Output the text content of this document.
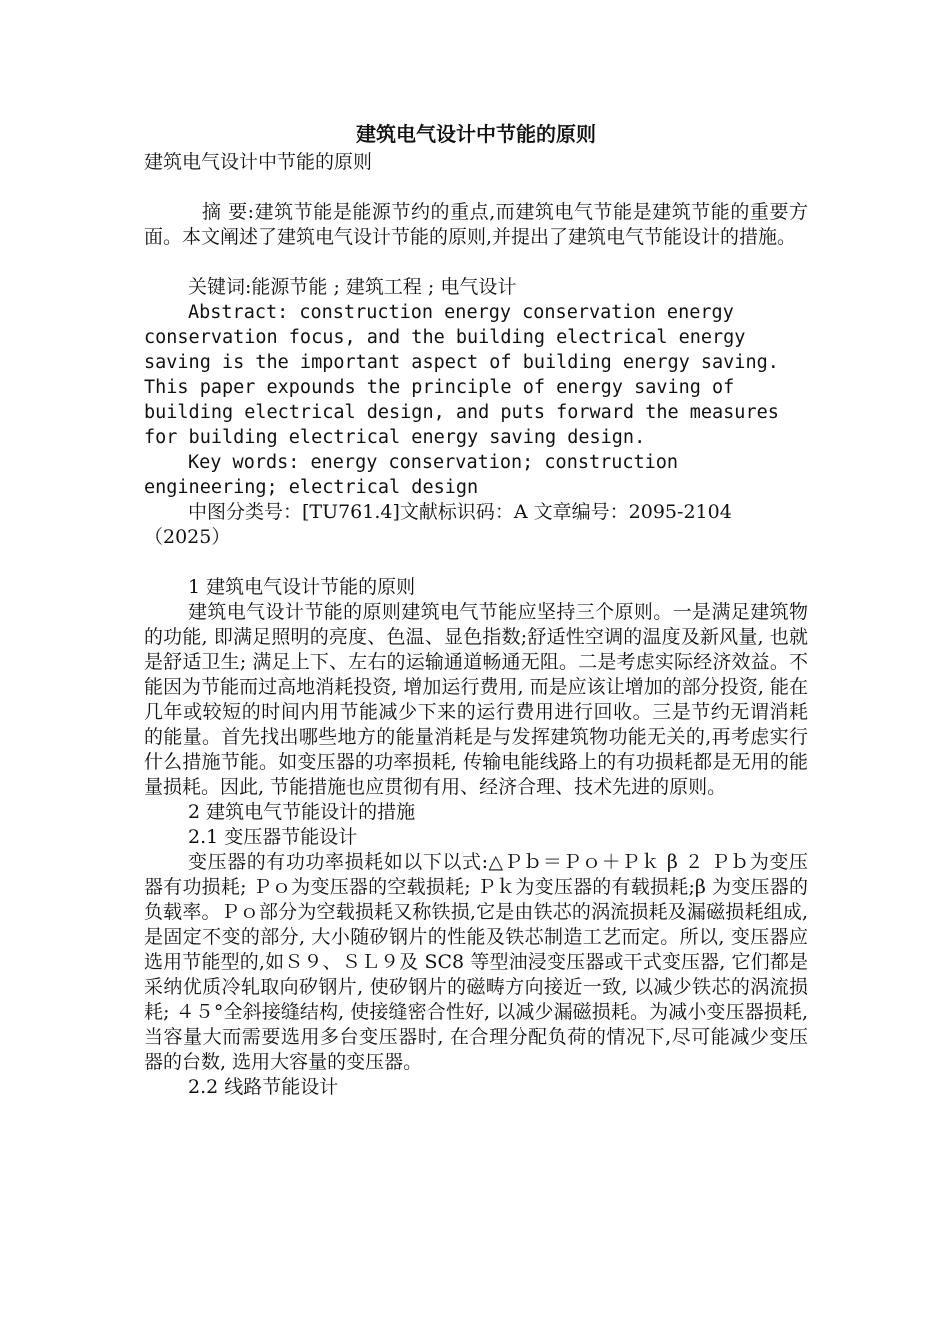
建筑电气设计中节能的原则

建筑电气设计中节能的原则

摘 要:建筑节能是能源节约的重点,而建筑电气节能是建筑节能的重要方面。本文阐述了建筑电气设计节能的原则,并提出了建筑电气节能设计的措施。

关键词:能源节能 ; 建筑工程 ; 电气设计

Abstract: construction energy conservation energy conservation focus, and the building electrical energy saving is the important aspect of building energy saving. This paper expounds the principle of energy saving of building electrical design, and puts forward the measures for building electrical energy saving design.

Key words: energy conservation; construction engineering; electrical design

中图分类号：[TU761.4]文献标识码：A 文章编号：2095-2104（2025）

1 建筑电气设计节能的原则

建筑电气设计节能的原则建筑电气节能应坚持三个原则。一是满足建筑物的功能, 即满足照明的亮度、色温、显色指数;舒适性空调的温度及新风量, 也就是舒适卫生; 满足上下、左右的运输通道畅通无阻。二是考虑实际经济效益。不能因为节能而过高地消耗投资, 增加运行费用, 而是应该让增加的部分投资, 能在几年或较短的时间内用节能减少下来的运行费用进行回收。三是节约无谓消耗的能量。首先找出哪些地方的能量消耗是与发挥建筑物功能无关的,再考虑实行什么措施节能。如变压器的功率损耗, 传输电能线路上的有功损耗都是无用的能量损耗。因此, 节能措施也应贯彻有用、经济合理、技术先进的原则。

2 建筑电气节能设计的措施

2.1 变压器节能设计

变压器的有功功率损耗如以下以式:△Ｐｂ＝Ｐｏ＋Ｐｋ β ２ Ｐｂ为变压器有功损耗; Ｐｏ为变压器的空载损耗; Ｐｋ为变压器的有载损耗;β 为变压器的负载率。Ｐｏ部分为空载损耗又称铁损,它是由铁芯的涡流损耗及漏磁损耗组成, 是固定不变的部分, 大小随矽钢片的性能及铁芯制造工艺而定。所以, 变压器应选用节能型的,如Ｓ９、ＳＬ９及 SC8 等型油浸变压器或干式变压器, 它们都是采纳优质冷轧取向矽钢片, 使矽钢片的磁畴方向接近一致, 以减少铁芯的涡流损耗; ４５°全斜接缝结构, 使接缝密合性好, 以减少漏磁损耗。为减小变压器损耗, 当容量大而需要选用多台变压器时, 在合理分配负荷的情况下,尽可能减少变压器的台数, 选用大容量的变压器。

2.2 线路节能设计
